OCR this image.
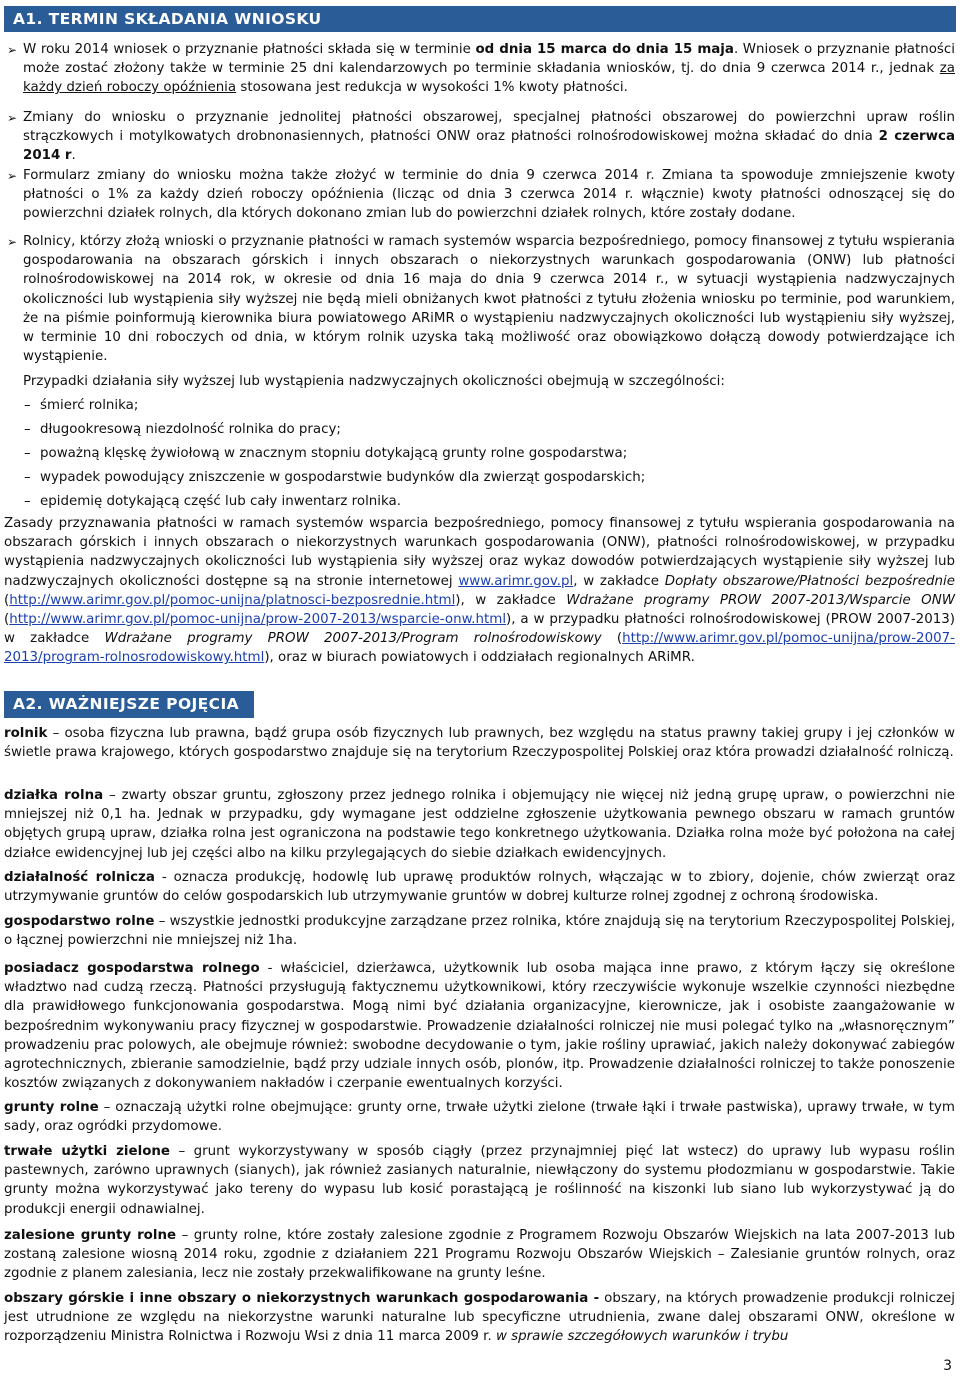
A1. TERMIN SKŁADANIA WNIOSKU
➢ W roku 2014 wniosek o przyznanie płatności składa się w terminie od dnia 15 marca do dnia 15 maja. Wniosek o przyznanie płatności może zostać złożony także w terminie 25 dni kalendarzowych po terminie składania wniosków, tj. do dnia 9 czerwca 2014 r., jednak za każdy dzień roboczy opóźnienia stosowana jest redukcja w wysokości 1% kwoty płatności.

➢ Zmiany do wniosku o przyznanie jednolitej płatności obszarowej, specjalnej płatności obszarowej do powierzchni upraw roślin strączkowych i motylkowatych drobnonasiennych, płatności ONW oraz płatności rolnośrodowiskowej można składać do dnia 2 czerwca 2014 r.

➢ Formularz zmiany do wniosku można także złożyć w terminie do dnia 9 czerwca 2014 r. Zmiana ta spowoduje zmniejszenie kwoty płatności o 1% za każdy dzień roboczy opóźnienia (licząc od dnia 3 czerwca 2014 r. włącznie) kwoty płatności odnoszącej się do powierzchni działek rolnych, dla których dokonano zmian lub do powierzchni działek rolnych, które zostały dodane.

➢ Rolnicy, którzy złożą wnioski o przyznanie płatności w ramach systemów wsparcia bezpośredniego, pomocy finansowej z tytułu wspierania gospodarowania na obszarach górskich i innych obszarach o niekorzystnych warunkach gospodarowania (ONW) lub płatności rolnośrodowiskowej na 2014 rok, w okresie od dnia 16 maja do dnia 9 czerwca 2014 r., w sytuacji wystąpienia nadzwyczajnych okoliczności lub wystąpienia siły wyższej nie będą mieli obniżanych kwot płatności z tytułu złożenia wniosku po terminie, pod warunkiem, że na piśmie poinformują kierownika biura powiatowego ARiMR o wystąpieniu nadzwyczajnych okoliczności lub wystąpieniu siły wyższej, w terminie 10 dni roboczych od dnia, w którym rolnik uzyska taką możliwość oraz obowiązkowo dołączą dowody potwierdzające ich wystąpienie.

Przypadki działania siły wyższej lub wystąpienia nadzwyczajnych okoliczności obejmują w szczególności:

– śmierć rolnika;
– długookresową niezdolność rolnika do pracy;
– poważną klęskę żywiołową w znacznym stopniu dotykającą grunty rolne gospodarstwa;
– wypadek powodujący zniszczenie w gospodarstwie budynków dla zwierząt gospodarskich;
– epidemię dotykającą część lub cały inwentarz rolnika.

Zasady przyznawania płatności w ramach systemów wsparcia bezpośredniego, pomocy finansowej z tytułu wspierania gospodarowania na obszarach górskich i innych obszarach o niekorzystnych warunkach gospodarowania (ONW), płatności rolnośrodowiskowej, w przypadku wystąpienia nadzwyczajnych okoliczności lub wystąpienia siły wyższej oraz wykaz dowodów potwierdzających wystąpienie siły wyższej lub nadzwyczajnych okoliczności dostępne są na stronie internetowej www.arimr.gov.pl, w zakładce Dopłaty obszarowe/Płatności bezpośrednie (http://www.arimr.gov.pl/pomoc-unijna/platnosci-bezposrednie.html), w zakładce Wdrażane programy PROW 2007-2013/Wsparcie ONW (http://www.arimr.gov.pl/pomoc-unijna/prow-2007-2013/wsparcie-onw.html), a w przypadku płatności rolnośrodowiskowej (PROW 2007-2013) w zakładce Wdrażane programy PROW 2007-2013/Program rolnośrodowiskowy (http://www.arimr.gov.pl/pomoc-unijna/prow-2007-2013/program-rolnosrodowiskowy.html), oraz w biurach powiatowych i oddziałach regionalnych ARiMR.

A2. WAŻNIEJSZE POJĘCIA

rolnik – osoba fizyczna lub prawna, bądź grupa osób fizycznych lub prawnych, bez względu na status prawny takiej grupy i jej członków w świetle prawa krajowego, których gospodarstwo znajduje się na terytorium Rzeczypospolitej Polskiej oraz która prowadzi działalność rolniczą.

działka rolna – zwarty obszar gruntu, zgłoszony przez jednego rolnika i objemujący nie więcej niż jedną grupę upraw, o powierzchni nie mniejszej niż 0,1 ha. Jednak w przypadku, gdy wymagane jest oddzielne zgłoszenie użytkowania pewnego obszaru w ramach gruntów objętych grupą upraw, działka rolna jest ograniczona na podstawie tego konkretnego użytkowania. Działka rolna może być położona na całej działce ewidencyjnej lub jej części albo na kilku przylegających do siebie działkach ewidencyjnych.

działalność rolnicza - oznacza produkcję, hodowlę lub uprawę produktów rolnych, włączając w to zbiory, dojenie, chów zwierząt oraz utrzymywanie gruntów do celów gospodarskich lub utrzymywanie gruntów w dobrej kulturze rolnej zgodnej z ochroną środowiska.

gospodarstwo rolne – wszystkie jednostki produkcyjne zarządzane przez rolnika, które znajdują się na terytorium Rzeczypospolitej Polskiej, o łącznej powierzchni nie mniejszej niż 1ha.

posiadacz gospodarstwa rolnego - właściciel, dzierżawca, użytkownik lub osoba mająca inne prawo, z którym łączy się określone władztwo nad cudzą rzeczą. Płatności przysługują faktycznemu użytkownikowi, który rzeczywiście wykonuje wszelkie czynności niezbędne dla prawidłowego funkcjonowania gospodarstwa. Mogą nimi być działania organizacyjne, kierownicze, jak i osobiste zaangażowanie w bezpośrednim wykonywaniu pracy fizycznej w gospodarstwie. Prowadzenie działalności rolniczej nie musi polegać tylko na „własnoręcznym” prowadzeniu prac polowych, ale obejmuje również: swobodne decydowanie o tym, jakie rośliny uprawiać, jakich należy dokonywać zabiegów agrotechnicznych, zbieranie samodzielnie, bądź przy udziale innych osób, plonów, itp. Prowadzenie działalności rolniczej to także ponoszenie kosztów związanych z dokonywaniem nakładów i czerpanie ewentualnych korzyści.

grunty rolne – oznaczają użytki rolne obejmujące: grunty orne, trwałe użytki zielone (trwałe łąki i trwałe pastwiska), uprawy trwałe, w tym sady, oraz ogródki przydomowe.

trwałe użytki zielone – grunt wykorzystywany w sposób ciągły (przez przynajmniej pięć lat wstecz) do uprawy lub wypasu roślin pastewnych, zarówno uprawnych (sianych), jak również zasianych naturalnie, niewłączony do systemu płodozmianu w gospodarstwie. Takie grunty można wykorzystywać jako tereny do wypasu lub kosić porastającą je roślinność na kiszonki lub siano lub wykorzystywać ją do produkcji energii odnawialnej.

zalesione grunty rolne – grunty rolne, które zostały zalesione zgodnie z Programem Rozwoju Obszarów Wiejskich na lata 2007-2013 lub zostaną zalesione wiosną 2014 roku, zgodnie z działaniem 221 Programu Rozwoju Obszarów Wiejskich – Zalesianie gruntów rolnych, oraz zgodnie z planem zalesiania, lecz nie zostały przekwalifikowane na grunty leśne.

obszary górskie i inne obszary o niekorzystnych warunkach gospodarowania - obszary, na których prowadzenie produkcji rolniczej jest utrudnione ze względu na niekorzystne warunki naturalne lub specyficzne utrudnienia, zwane dalej obszarami ONW, określone w rozporządzeniu Ministra Rolnictwa i Rozwoju Wsi z dnia 11 marca 2009 r. w sprawie szczegółowych warunków i trybu

3
